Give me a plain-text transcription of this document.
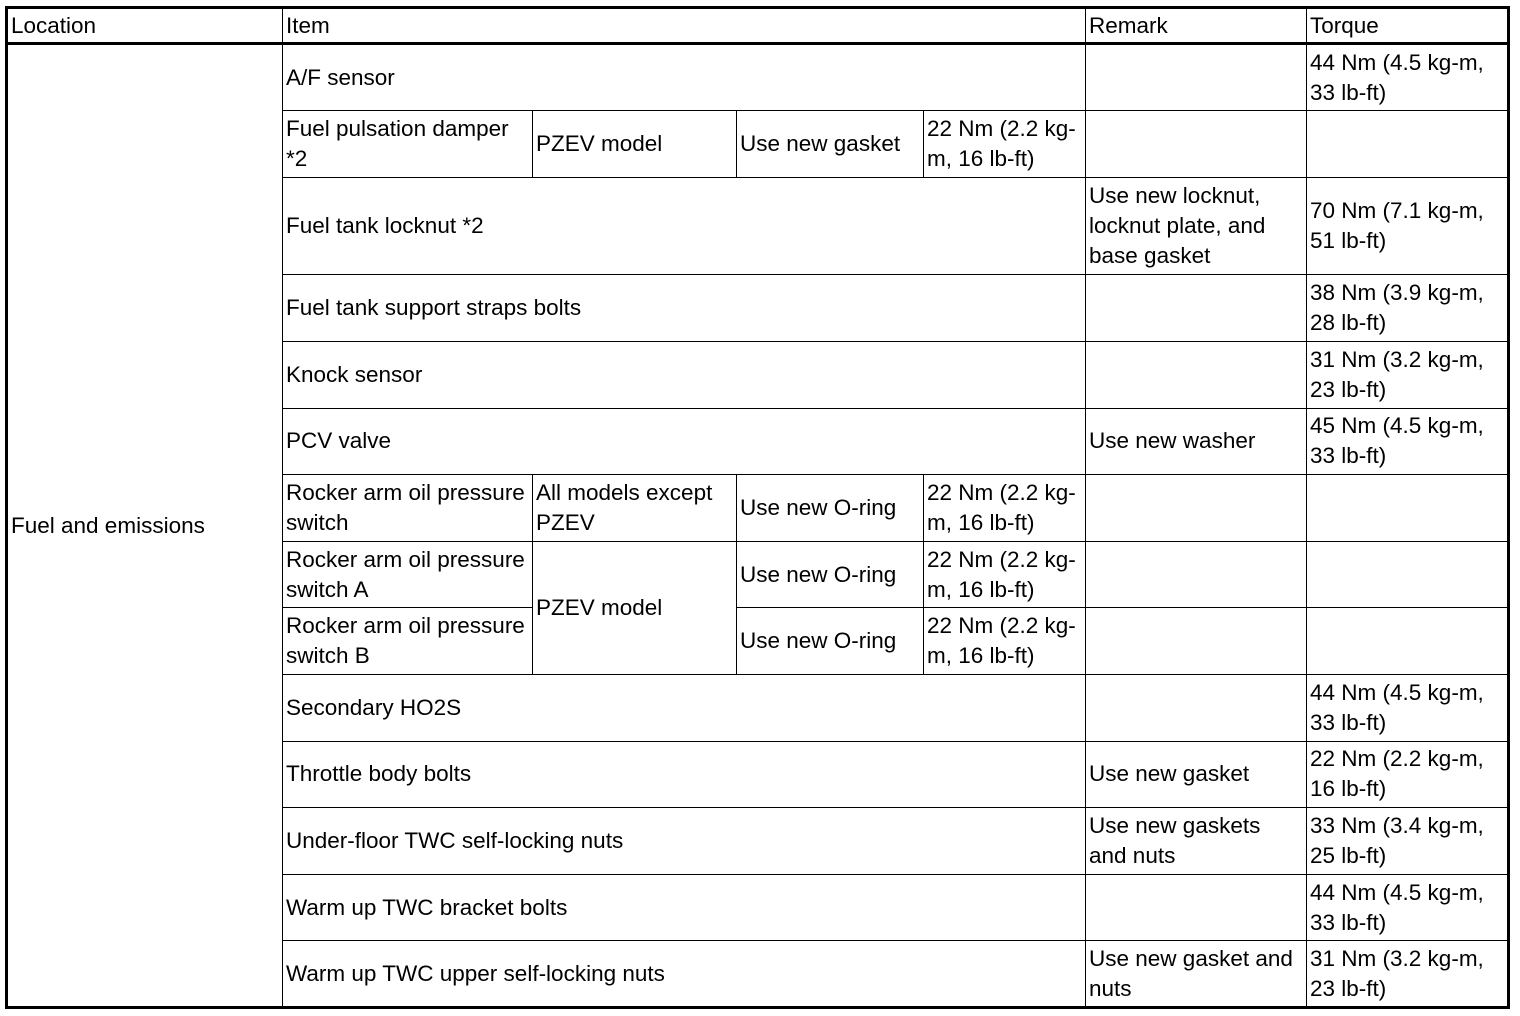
Location	Item				Remark	Torque
Fuel and emissions	A/F sensor					44 Nm (4.5 kg-m, 33 lb-ft)
	Fuel pulsation damper *2	PZEV model	Use new gasket	22 Nm (2.2 kg-m, 16 lb-ft)		
	Fuel tank locknut *2				Use new locknut, locknut plate, and base gasket	70 Nm (7.1 kg-m, 51 lb-ft)
	Fuel tank support straps bolts					38 Nm (3.9 kg-m, 28 lb-ft)
	Knock sensor					31 Nm (3.2 kg-m, 23 lb-ft)
	PCV valve				Use new washer	45 Nm (4.5 kg-m, 33 lb-ft)
	Rocker arm oil pressure switch	All models except PZEV	Use new O-ring	22 Nm (2.2 kg-m, 16 lb-ft)		
	Rocker arm oil pressure switch A	PZEV model	Use new O-ring	22 Nm (2.2 kg-m, 16 lb-ft)		
	Rocker arm oil pressure switch B		Use new O-ring	22 Nm (2.2 kg-m, 16 lb-ft)		
	Secondary HO2S					44 Nm (4.5 kg-m, 33 lb-ft)
	Throttle body bolts				Use new gasket	22 Nm (2.2 kg-m, 16 lb-ft)
	Under-floor TWC self-locking nuts				Use new gaskets and nuts	33 Nm (3.4 kg-m, 25 lb-ft)
	Warm up TWC bracket bolts					44 Nm (4.5 kg-m, 33 lb-ft)
	Warm up TWC upper self-locking nuts				Use new gasket and nuts	31 Nm (3.2 kg-m, 23 lb-ft)
